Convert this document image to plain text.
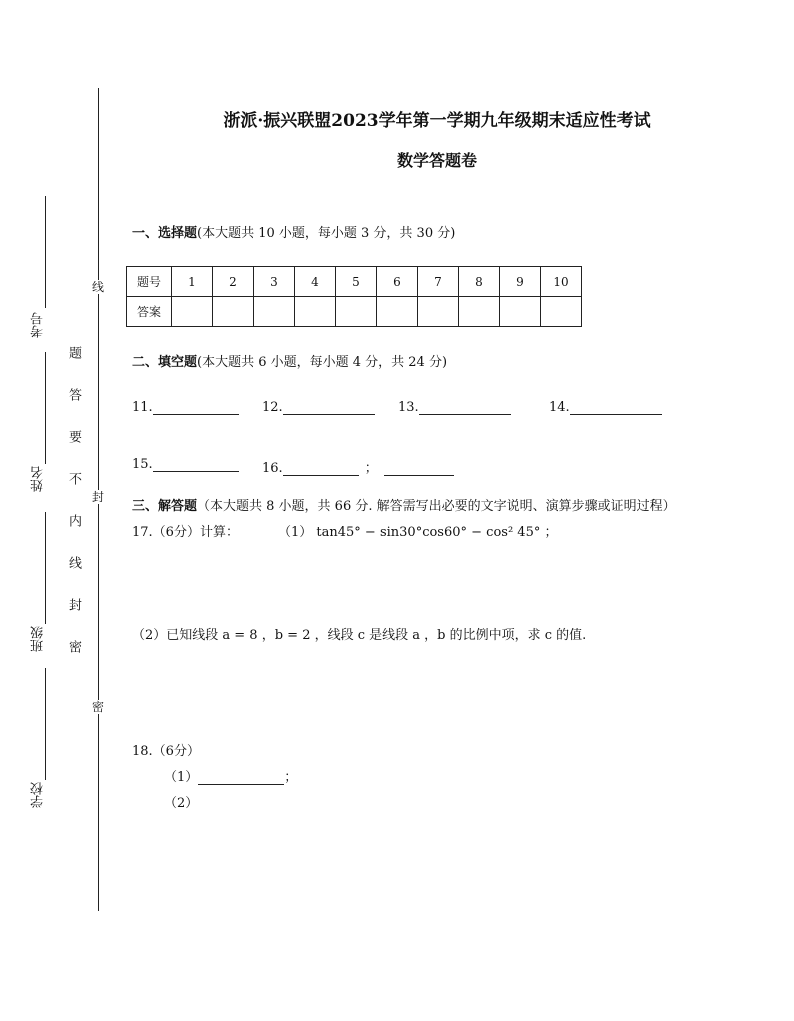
线
封
密
题
答
要
不
内
线
封
密
考号
姓名
班级
学校
浙派·振兴联盟2023学年第一学期九年级期末适应性考试
数学答题卷
一、选择题(本大题共 10 小题，每小题 3 分，共 30 分)
题号	1	2	3	4	5	6	7	8	9	10
答案										
二、填空题(本大题共 6 小题，每小题 4 分，共 24 分)
11.	12.	13.	14.
15.	16.	；
三、解答题（本大题共 8 小题，共 66 分. 解答需写出必要的文字说明、演算步骤或证明过程）
17.（6分）计算：	（1） tan45° − sin30°cos60° − cos² 45° ；
（2）已知线段 a = 8 ，b = 2 ，线段 c 是线段 a ，b 的比例中项，求 c 的值.
18.（6分）
（1）	；
（2）
